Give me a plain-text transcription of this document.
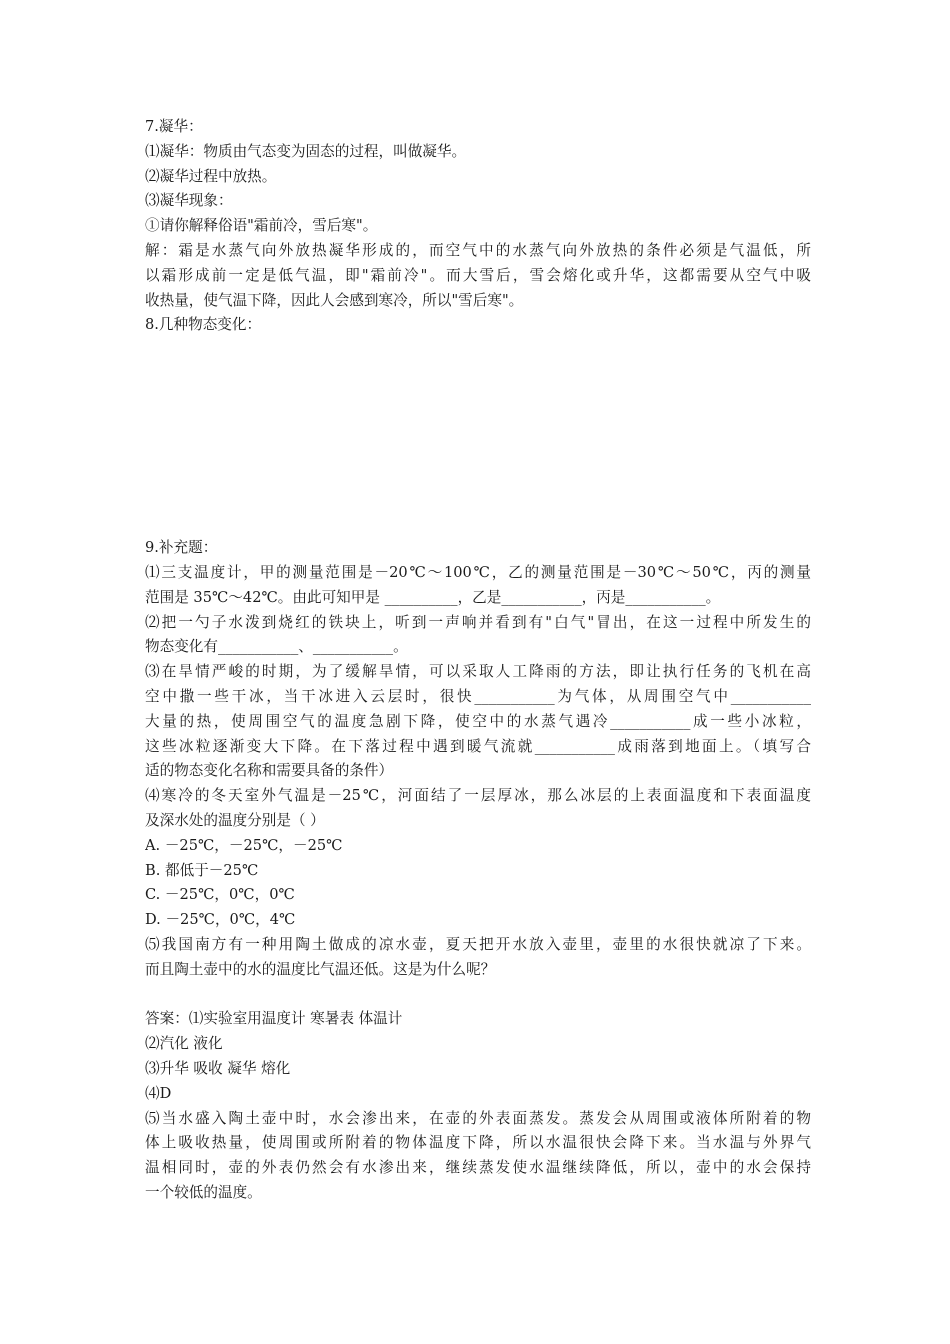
7.凝华：
⑴凝华：物质由气态变为固态的过程，叫做凝华。
⑵凝华过程中放热。
⑶凝华现象：
①请你解释俗语"霜前冷，雪后寒"。
解：霜是水蒸气向外放热凝华形成的，而空气中的水蒸气向外放热的条件必须是气温低，所
以霜形成前一定是低气温，即"霜前冷"。而大雪后，雪会熔化或升华，这都需要从空气中吸
收热量，使气温下降，因此人会感到寒冷，所以"雪后寒"。
8.几种物态变化：
9.补充题：
⑴三支温度计，甲的测量范围是－20℃～100℃，乙的测量范围是－30℃～50℃，丙的测量
范围是 35℃～42℃。由此可知甲是 __________，乙是___________，丙是___________。
⑵把一勺子水泼到烧红的铁块上，听到一声响并看到有"白气"冒出，在这一过程中所发生的
物态变化有___________、___________。
⑶在旱情严峻的时期，为了缓解旱情，可以采取人工降雨的方法，即让执行任务的飞机在高
空中撒一些干冰，当干冰进入云层时，很快___________为气体，从周围空气中___________
大量的热，使周围空气的温度急剧下降，使空中的水蒸气遇冷___________成一些小冰粒，
这些冰粒逐渐变大下降。在下落过程中遇到暖气流就___________成雨落到地面上。（填写合
适的物态变化名称和需要具备的条件）
⑷寒冷的冬天室外气温是－25℃，河面结了一层厚冰，那么冰层的上表面温度和下表面温度
及深水处的温度分别是（ ）
A. －25℃，－25℃，－25℃
B. 都低于－25℃
C. －25℃，0℃，0℃
D. －25℃，0℃，4℃
⑸我国南方有一种用陶土做成的凉水壶，夏天把开水放入壶里，壶里的水很快就凉了下来。
而且陶土壶中的水的温度比气温还低。这是为什么呢？
答案：⑴实验室用温度计 寒暑表 体温计
⑵汽化 液化
⑶升华 吸收 凝华 熔化
⑷D
⑸当水盛入陶土壶中时，水会渗出来，在壶的外表面蒸发。蒸发会从周围或液体所附着的物
体上吸收热量，使周围或所附着的物体温度下降，所以水温很快会降下来。当水温与外界气
温相同时，壶的外表仍然会有水渗出来，继续蒸发使水温继续降低，所以，壶中的水会保持
一个较低的温度。
